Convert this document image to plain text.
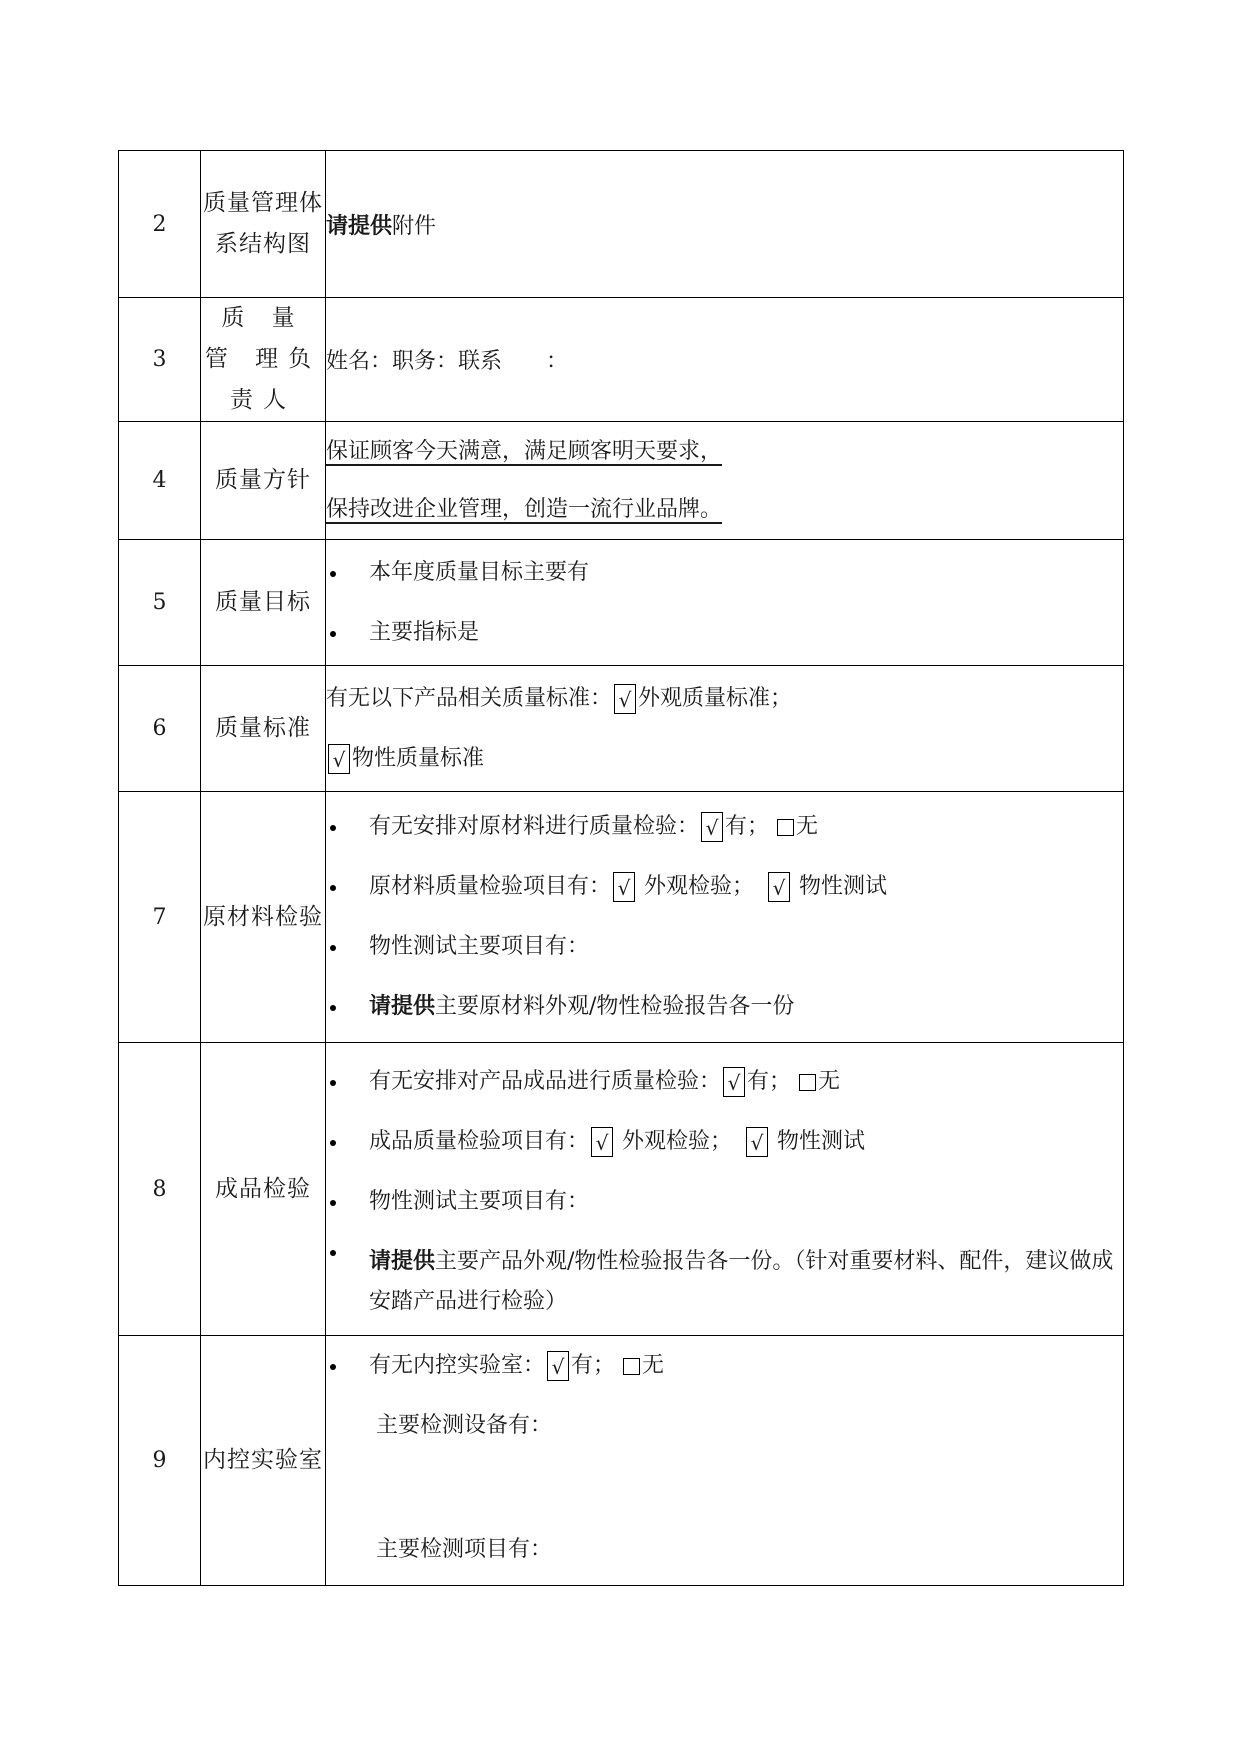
2	质量管理体系结构图	请提供附件
3	质 量 管 理负责人	姓名：职务：联系　　：
4	质量方针	保证顾客今天满意，满足顾客明天要求，
保持改进企业管理，创造一流行业品牌。

5	质量目标	本年度质量目标主要有
主要指标是

6	质量标准	有无以下产品相关质量标准： √ 外观质量标准；
√ 物性质量标准

7	原材料检验	有无安排对原材料进行质量检验： √ 有； 无
原材料质量检验项目有： √ 外观检验； √ 物性测试
物性测试主要项目有：
请提供主要原材料外观/物性检验报告各一份

8	成品检验	有无安排对产品成品进行质量检验： √ 有； 无
成品质量检验项目有： √ 外观检验； √ 物性测试
物性测试主要项目有：
请提供主要产品外观/物性检验报告各一份。（针对重要材料、配件，建议做成安踏产品进行检验）

9	内控实验室	有无内控实验室： √ 有； 无
主要检测设备有：
主要检测项目有：
